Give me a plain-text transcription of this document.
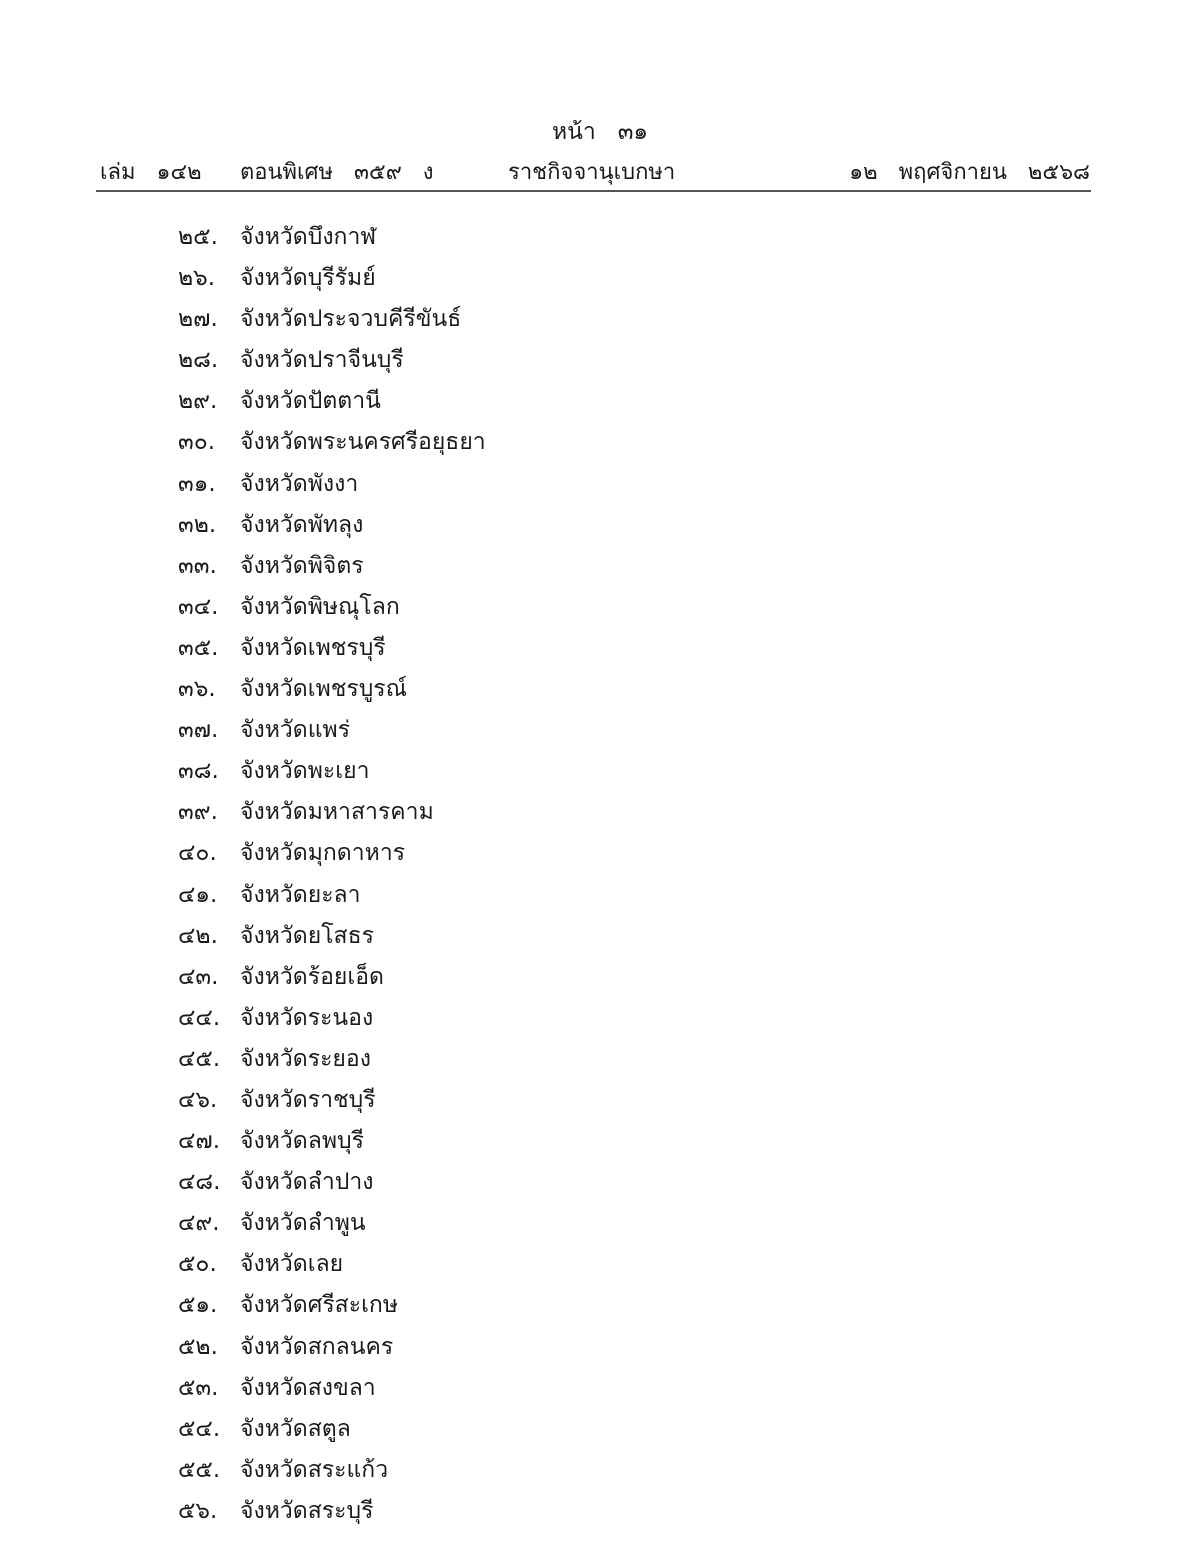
หน้า   ๓๑
เล่ม   ๑๔๒ ตอนพิเศษ   ๓๕๙   ง	ราชกิจจานุเบกษา	๑๒   พฤศจิกายน   ๒๕๖๘
๒๕. จังหวัดบึงกาฬ
๒๖.	จังหวัดบุรีรัมย์
๒๗. จังหวัดประจวบคีรีขันธ์
๒๘. จังหวัดปราจีนบุรี
๒๙. จังหวัดปัตตานี
๓๐.	จังหวัดพระนครศรีอยุธยา
๓๑.	จังหวัดพังงา
๓๒.	จังหวัดพัทลุง
๓๓.	จังหวัดพิจิตร
๓๔. จังหวัดพิษณุโลก
๓๕. จังหวัดเพชรบุรี
๓๖.	จังหวัดเพชรบูรณ์
๓๗. จังหวัดแพร่
๓๘. จังหวัดพะเยา
๓๙. จังหวัดมหาสารคาม
๔๐.	จังหวัดมุกดาหาร
๔๑. จังหวัดยะลา
๔๒. จังหวัดยโสธร
๔๓. จังหวัดร้อยเอ็ด
๔๔. จังหวัดระนอง
๔๕. จังหวัดระยอง
๔๖. จังหวัดราชบุรี
๔๗. จังหวัดลพบุรี
๔๘. จังหวัดลำปาง
๔๙. จังหวัดลำพูน
๕๐.	จังหวัดเลย
๕๑. จังหวัดศรีสะเกษ
๕๒. จังหวัดสกลนคร
๕๓. จังหวัดสงขลา
๕๔. จังหวัดสตูล
๕๕. จังหวัดสระแก้ว
๕๖. จังหวัดสระบุรี
